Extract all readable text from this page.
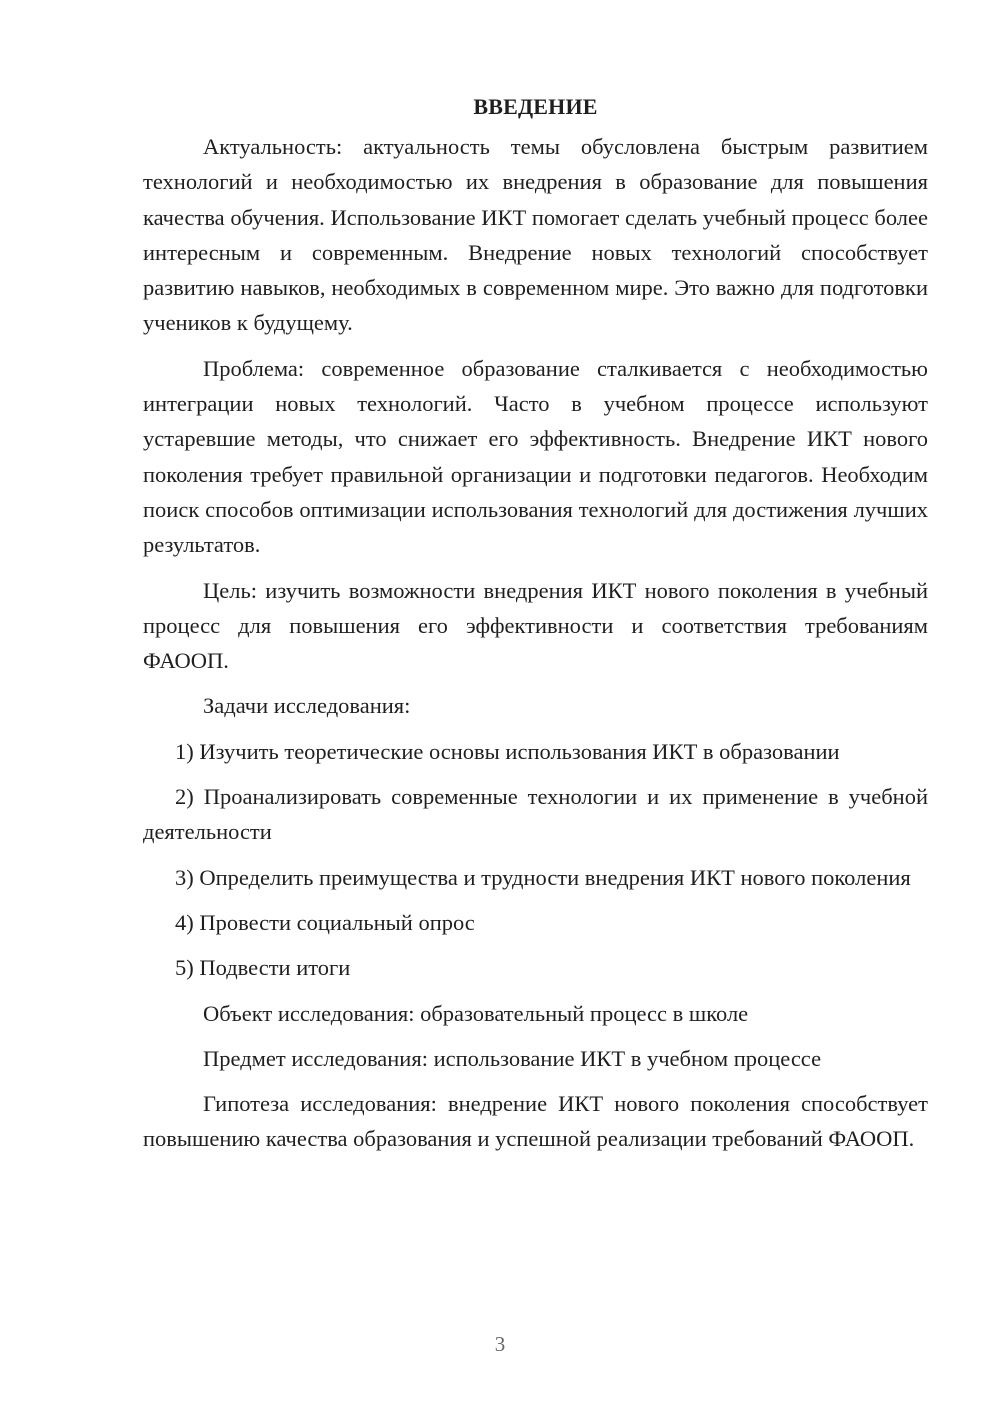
ВВЕДЕНИЕ

Актуальность: актуальность темы обусловлена быстрым развитием технологий и необходимостью их внедрения в образование для повышения качества обучения. Использование ИКТ помогает сделать учебный процесс более интересным и современным. Внедрение новых технологий способствует развитию навыков, необходимых в современном мире. Это важно для подготовки учеников к будущему.

Проблема: современное образование сталкивается с необходимостью интеграции новых технологий. Часто в учебном процессе используют устаревшие методы, что снижает его эффективность. Внедрение ИКТ нового поколения требует правильной организации и подготовки педагогов. Необходим поиск способов оптимизации использования технологий для достижения лучших результатов.

Цель: изучить возможности внедрения ИКТ нового поколения в учебный процесс для повышения его эффективности и соответствия требованиям ФАООП.

Задачи исследования:

1) Изучить теоретические основы использования ИКТ в образовании

2) Проанализировать современные технологии и их применение в учебной деятельности

3) Определить преимущества и трудности внедрения ИКТ нового поколения

4) Провести социальный опрос

5) Подвести итоги

Объект исследования: образовательный процесс в школе

Предмет исследования: использование ИКТ в учебном процессе

Гипотеза исследования: внедрение ИКТ нового поколения способствует повышению качества образования и успешной реализации требований ФАООП.

3
